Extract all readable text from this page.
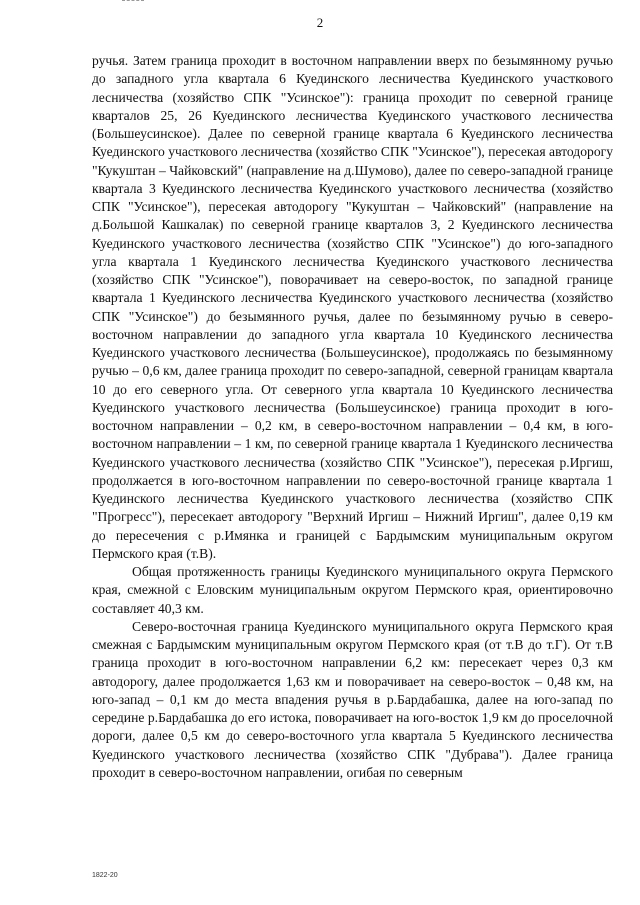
2

ручья. Затем граница проходит в восточном направлении вверх по безымянному ручью до западного угла квартала 6 Куединского лесничества Куединского участкового лесничества (хозяйство СПК "Усинское"): граница проходит по северной границе кварталов 25, 26 Куединского лесничества Куединского участкового лесничества (Большеусинское). Далее по северной границе квартала 6 Куединского лесничества Куединского участкового лесничества (хозяйство СПК "Усинское"), пересекая автодорогу "Кукуштан – Чайковский" (направление на д.Шумово), далее по северо-западной границе квартала 3 Куединского лесничества Куединского участкового лесничества (хозяйство СПК "Усинское"), пересекая автодорогу "Кукуштан – Чайковский" (направление на д.Большой Кашкалак) по северной границе кварталов 3, 2 Куединского лесничества Куединского участкового лесничества (хозяйство СПК "Усинское") до юго-западного угла квартала 1 Куединского лесничества Куединского участкового лесничества (хозяйство СПК "Усинское"), поворачивает на северо-восток, по западной границе квартала 1 Куединского лесничества Куединского участкового лесничества (хозяйство СПК "Усинское") до безымянного ручья, далее по безымянному ручью в северо-восточном направлении до западного угла квартала 10 Куединского лесничества Куединского участкового лесничества (Большеусинское), продолжаясь по безымянному ручью – 0,6 км, далее граница проходит по северо-западной, северной границам квартала 10 до его северного угла. От северного угла квартала 10 Куединского лесничества Куединского участкового лесничества (Большеусинское) граница проходит в юго-восточном направлении – 0,2 км, в северо-восточном направлении – 0,4 км, в юго-восточном направлении – 1 км, по северной границе квартала 1 Куединского лесничества Куединского участкового лесничества (хозяйство СПК "Усинское"), пересекая р.Иргиш, продолжается в юго-восточном направлении по северо-восточной границе квартала 1 Куединского лесничества Куединского участкового лесничества (хозяйство СПК "Прогресс"), пересекает автодорогу "Верхний Иргиш – Нижний Иргиш", далее 0,19 км до пересечения с р.Имянка и границей с Бардымским муниципальным округом Пермского края (т.В).

Общая протяженность границы Куединского муниципального округа Пермского края, смежной с Еловским муниципальным округом Пермского края, ориентировочно составляет 40,3 км.

Северо-восточная граница Куединского муниципального округа Пермского края смежная с Бардымским муниципальным округом Пермского края (от т.В до т.Г). От т.В граница проходит в юго-восточном направлении 6,2 км: пересекает через 0,3 км автодорогу, далее продолжается 1,63 км и поворачивает на северо-восток – 0,48 км, на юго-запад – 0,1 км до места впадения ручья в р.Бардабашка, далее на юго-запад по середине р.Бардабашка до его истока, поворачивает на юго-восток 1,9 км до проселочной дороги, далее 0,5 км до северо-восточного угла квартала 5 Куединского лесничества Куединского участкового лесничества (хозяйство СПК "Дубрава"). Далее граница проходит в северо-восточном направлении, огибая по северным

1822-20
